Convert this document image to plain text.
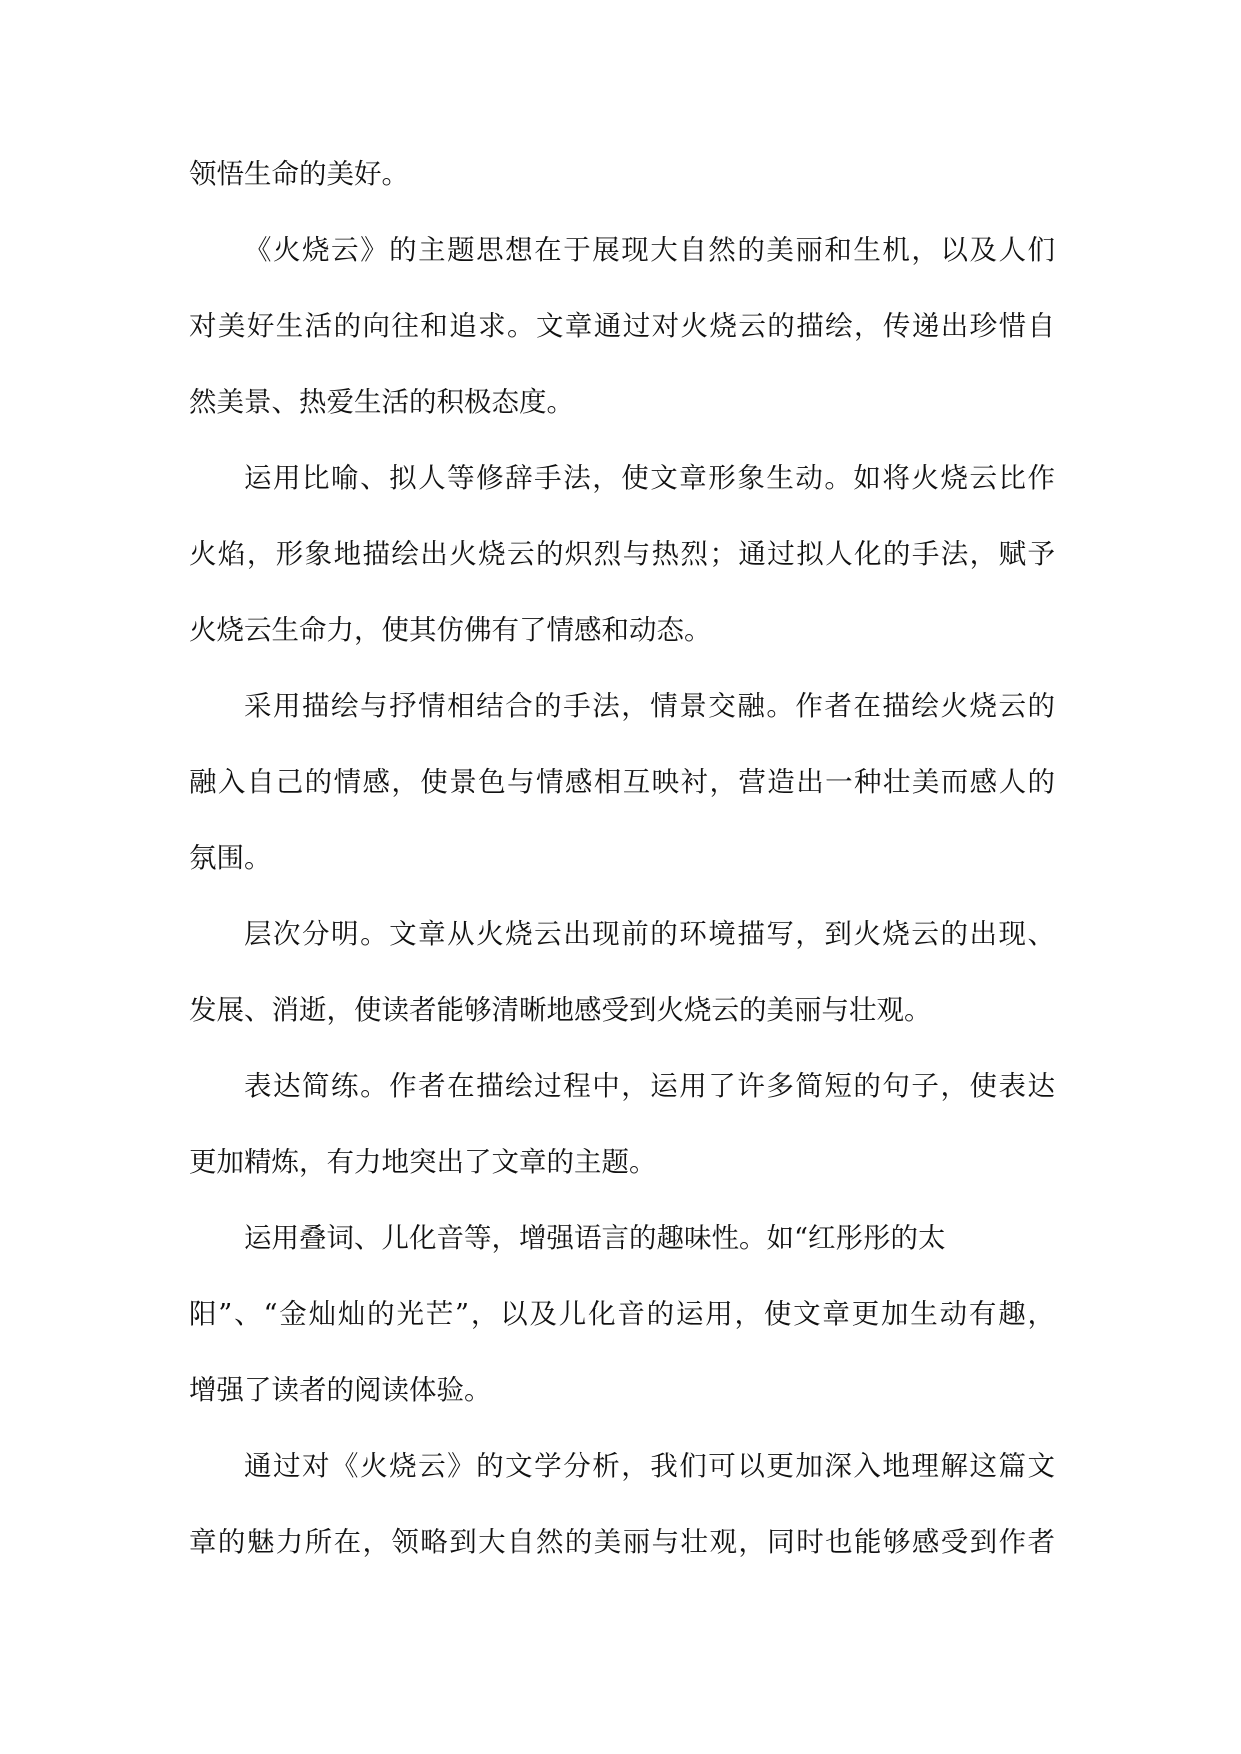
领悟生命的美好。
《火烧云》的主题思想在于展现大自然的美丽和生机，以及人们
对美好生活的向往和追求。文章通过对火烧云的描绘，传递出珍惜自
然美景、热爱生活的积极态度。
运用比喻、拟人等修辞手法，使文章形象生动。如将火烧云比作
火焰，形象地描绘出火烧云的炽烈与热烈；通过拟人化的手法，赋予
火烧云生命力，使其仿佛有了情感和动态。
采用描绘与抒情相结合的手法，情景交融。作者在描绘火烧云的
融入自己的情感，使景色与情感相互映衬，营造出一种壮美而感人的
氛围。
层次分明。文章从火烧云出现前的环境描写，到火烧云的出现、
发展、消逝，使读者能够清晰地感受到火烧云的美丽与壮观。
表达简练。作者在描绘过程中，运用了许多简短的句子，使表达
更加精炼，有力地突出了文章的主题。
运用叠词、儿化音等，增强语言的趣味性。如“红彤彤的太
阳”、“金灿灿的光芒”，以及儿化音的运用，使文章更加生动有趣，
增强了读者的阅读体验。
通过对《火烧云》的文学分析，我们可以更加深入地理解这篇文
章的魅力所在，领略到大自然的美丽与壮观，同时也能够感受到作者
